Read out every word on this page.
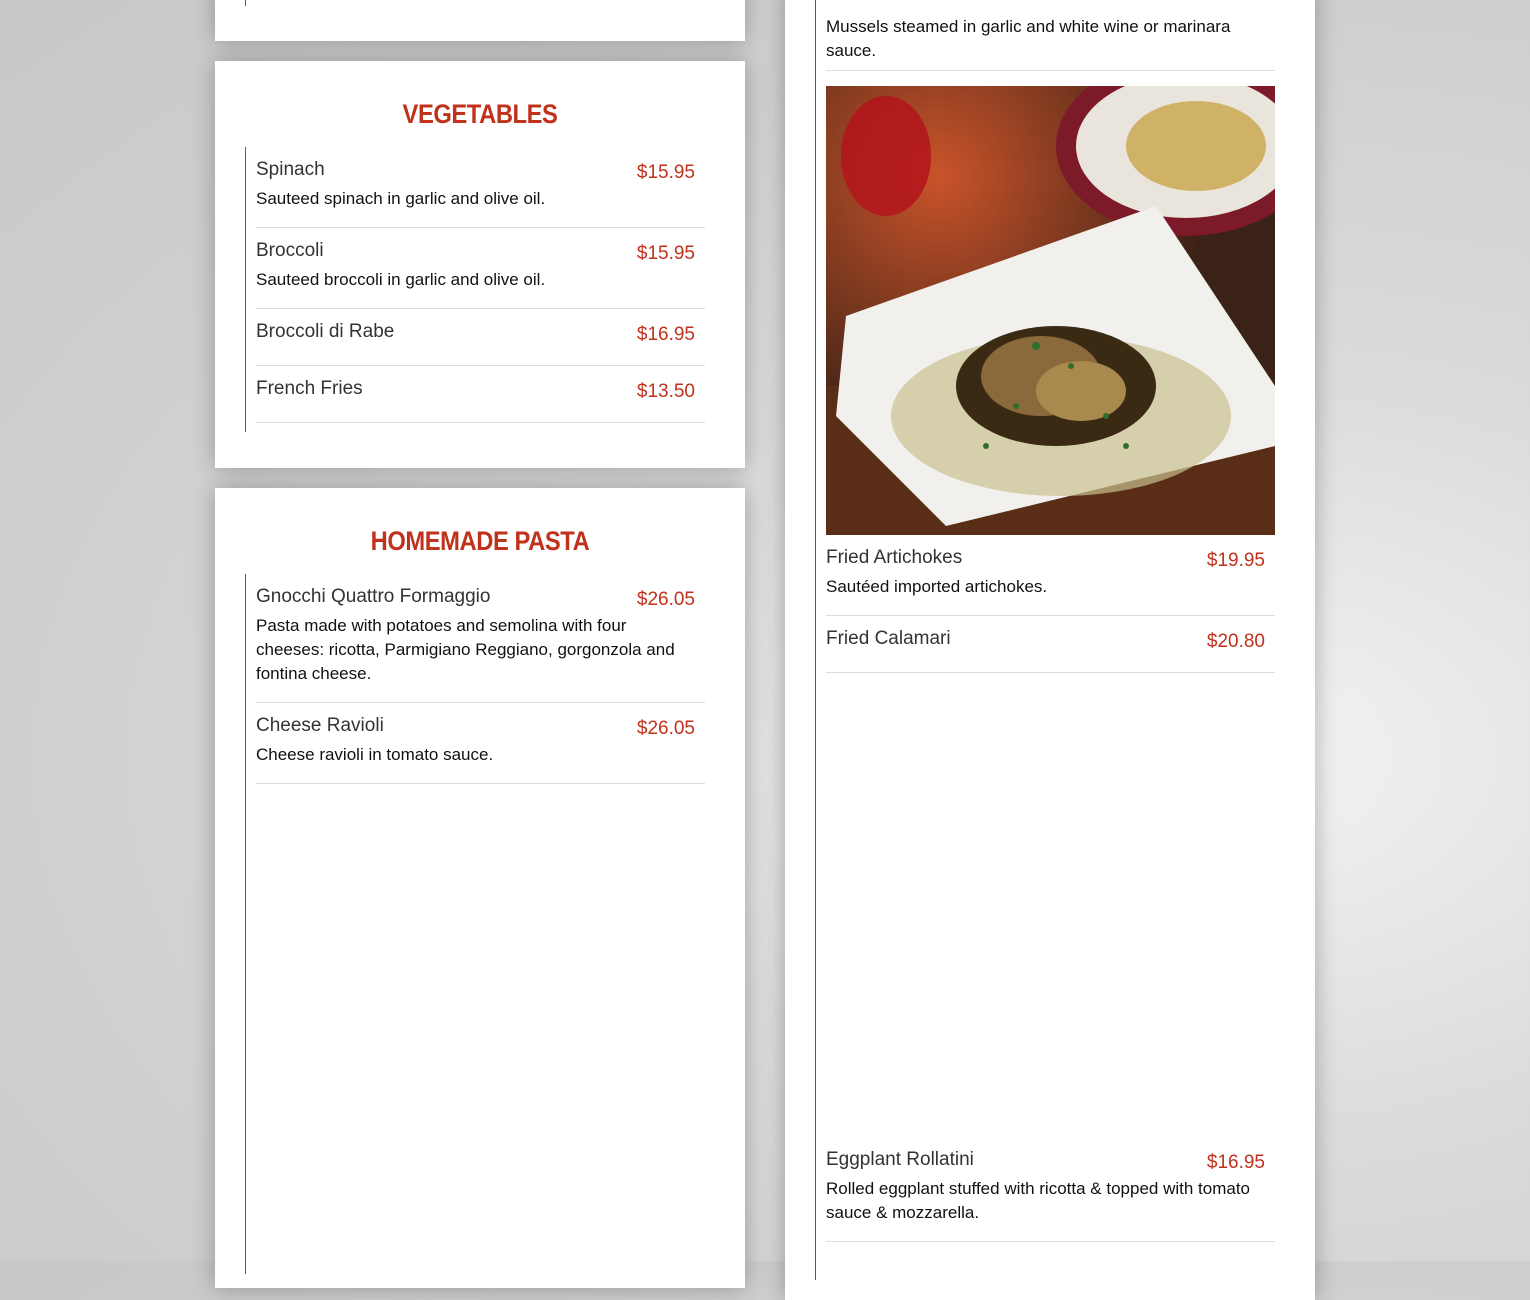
VEGETABLES
Spinach	$15.95
Sauteed spinach in garlic and olive oil.
Broccoli	$15.95
Sauteed broccoli in garlic and olive oil.
Broccoli di Rabe	$16.95
French Fries	$13.50
HOMEMADE PASTA
Gnocchi Quattro Formaggio	$26.05
Pasta made with potatoes and semolina with four cheeses: ricotta, Parmigiano Reggiano, gorgonzola and fontina cheese.
Cheese Ravioli	$26.05
Cheese ravioli in tomato sauce.
Mussels steamed in garlic and white wine or marinara sauce.
Fried Artichokes	$19.95
Sautéed imported artichokes.
Fried Calamari	$20.80
Eggplant Rollatini	$16.95
Rolled eggplant stuffed with ricotta & topped with tomato sauce & mozzarella.
